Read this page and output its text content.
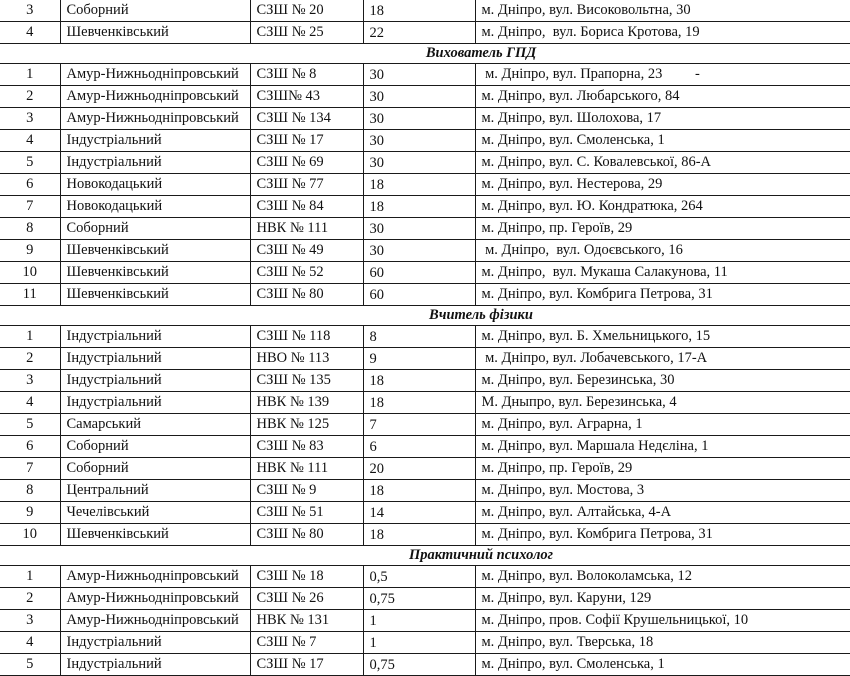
3	Соборний	СЗШ № 20	18	м. Дніпро, вул. Високовольтна, 30
4	Шевченківський	СЗШ № 25	22	м. Дніпро,  вул. Бориса Кротова, 19
Вихователь ГПД				
1	Амур-Нижньодніпровський	СЗШ № 8	30	м. Дніпро, вул. Прапорна, 23         -
2	Амур-Нижньодніпровський	СЗШ№ 43	30	м. Дніпро, вул. Любарського, 84
3	Амур-Нижньодніпровський	СЗШ № 134	30	м. Дніпро, вул. Шолохова, 17
4	Індустріальний	СЗШ № 17	30	м. Дніпро, вул. Смоленська, 1
5	Індустріальний	СЗШ № 69	30	м. Дніпро, вул. С. Ковалевської, 86-А
6	Новокодацький	СЗШ № 77	18	м. Дніпро, вул. Нестерова, 29
7	Новокодацький	СЗШ № 84	18	м. Дніпро, вул. Ю. Кондратюка, 264
8	Соборний	НВК № 111	30	м. Дніпро, пр. Героїв, 29
9	Шевченківський	СЗШ № 49	30	м. Дніпро,  вул. Одоєвського, 16
10	Шевченківський	СЗШ № 52	60	м. Дніпро,  вул. Мукаша Салакунова, 11
11	Шевченківський	СЗШ № 80	60	м. Дніпро, вул. Комбрига Петрова, 31
Вчитель фізики				
1	Індустріальний	СЗШ № 118	8	м. Дніпро, вул. Б. Хмельницького, 15
2	Індустріальний	НВО № 113	9	м. Дніпро, вул. Лобачевського, 17-А
3	Індустріальний	СЗШ № 135	18	м. Дніпро, вул. Березинська, 30
4	Індустріальний	НВК № 139	18	М. Дныпро, вул. Березинська, 4
5	Самарський	НВК № 125	7	м. Дніпро, вул. Аграрна, 1
6	Соборний	СЗШ № 83	6	м. Дніпро, вул. Маршала Недєліна, 1
7	Соборний	НВК № 111	20	м. Дніпро, пр. Героїв, 29
8	Центральний	СЗШ № 9	18	м. Дніпро, вул. Мостова, 3
9	Чечелівський	СЗШ № 51	14	м. Дніпро, вул. Алтайська, 4-А
10	Шевченківський	СЗШ № 80	18	м. Дніпро, вул. Комбрига Петрова, 31
Практичний психолог				
1	Амур-Нижньодніпровський	СЗШ № 18	0,5	м. Дніпро, вул. Волоколамська, 12
2	Амур-Нижньодніпровський	СЗШ № 26	0,75	м. Дніпро, вул. Каруни, 129
3	Амур-Нижньодніпровський	НВК № 131	1	м. Дніпро, пров. Софії Крушельницької, 10
4	Індустріальний	СЗШ № 7	1	м. Дніпро, вул. Тверська, 18
5	Індустріальний	СЗШ № 17	0,75	м. Дніпро, вул. Смоленська, 1
